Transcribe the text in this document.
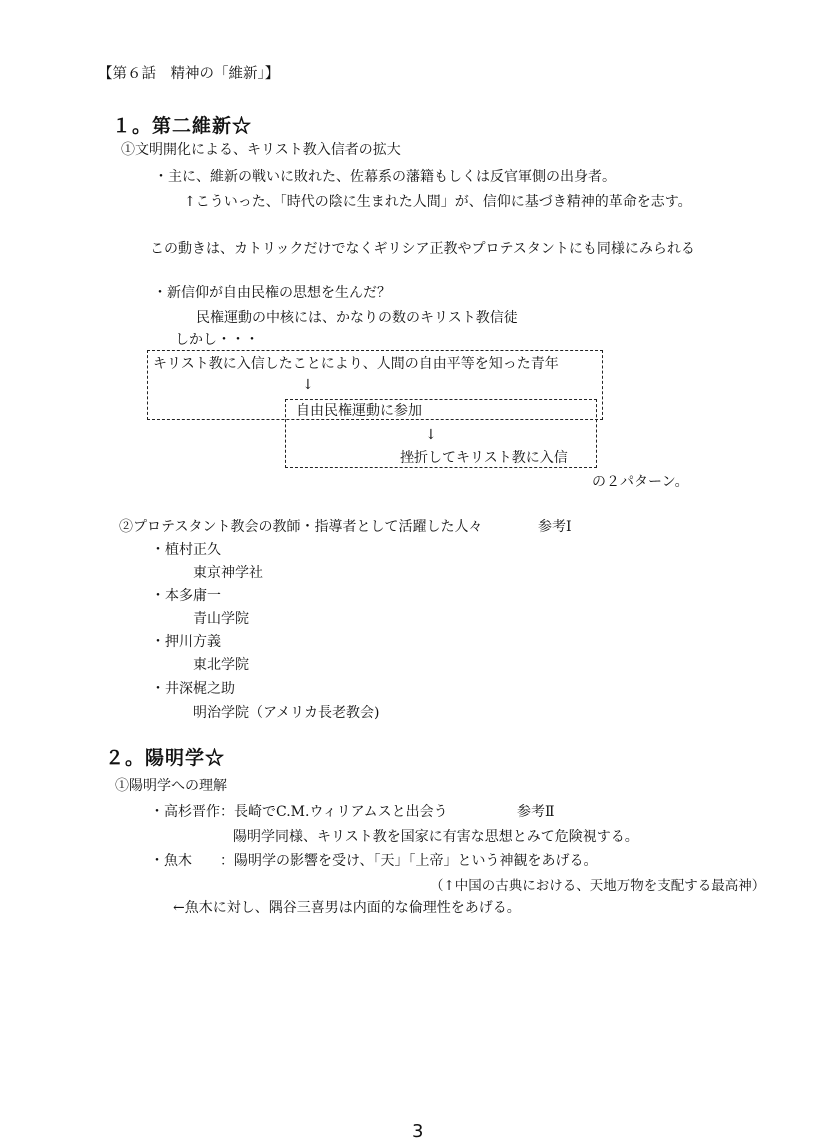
【第６話　精神の「維新」】
１。第二維新☆
①文明開化による、キリスト教入信者の拡大
・主に、維新の戦いに敗れた、佐幕系の藩籍もしくは反官軍側の出身者。
↑こういった、「時代の陰に生まれた人間」が、信仰に基づき精神的革命を志す。
この動きは、カトリックだけでなくギリシア正教やプロテスタントにも同様にみられる
・新信仰が自由民権の思想を生んだ？
民権運動の中核には、かなりの数のキリスト教信徒
しかし・・・
キリスト教に入信したことにより、人間の自由平等を知った青年
↓
自由民権運動に参加
↓
挫折してキリスト教に入信
の２パターン。
②プロテスタント教会の教師・指導者として活躍した人々	参考Ⅰ
・植村正久
東京神学社
・本多庸一
青山学院
・押川方義
東北学院
・井深梶之助
明治学院（アメリカ長老教会)
２。陽明学☆
①陽明学への理解
・高杉晋作：長崎でC.M.ウィリアムスと出会う	参考Ⅱ
陽明学同様、キリスト教を国家に有害な思想とみて危険視する。
・魚木　　：陽明学の影響を受け、「天」「上帝」という神観をあげる。
（↑中国の古典における、天地万物を支配する最高神）
←魚木に対し、隅谷三喜男は内面的な倫理性をあげる。
3
